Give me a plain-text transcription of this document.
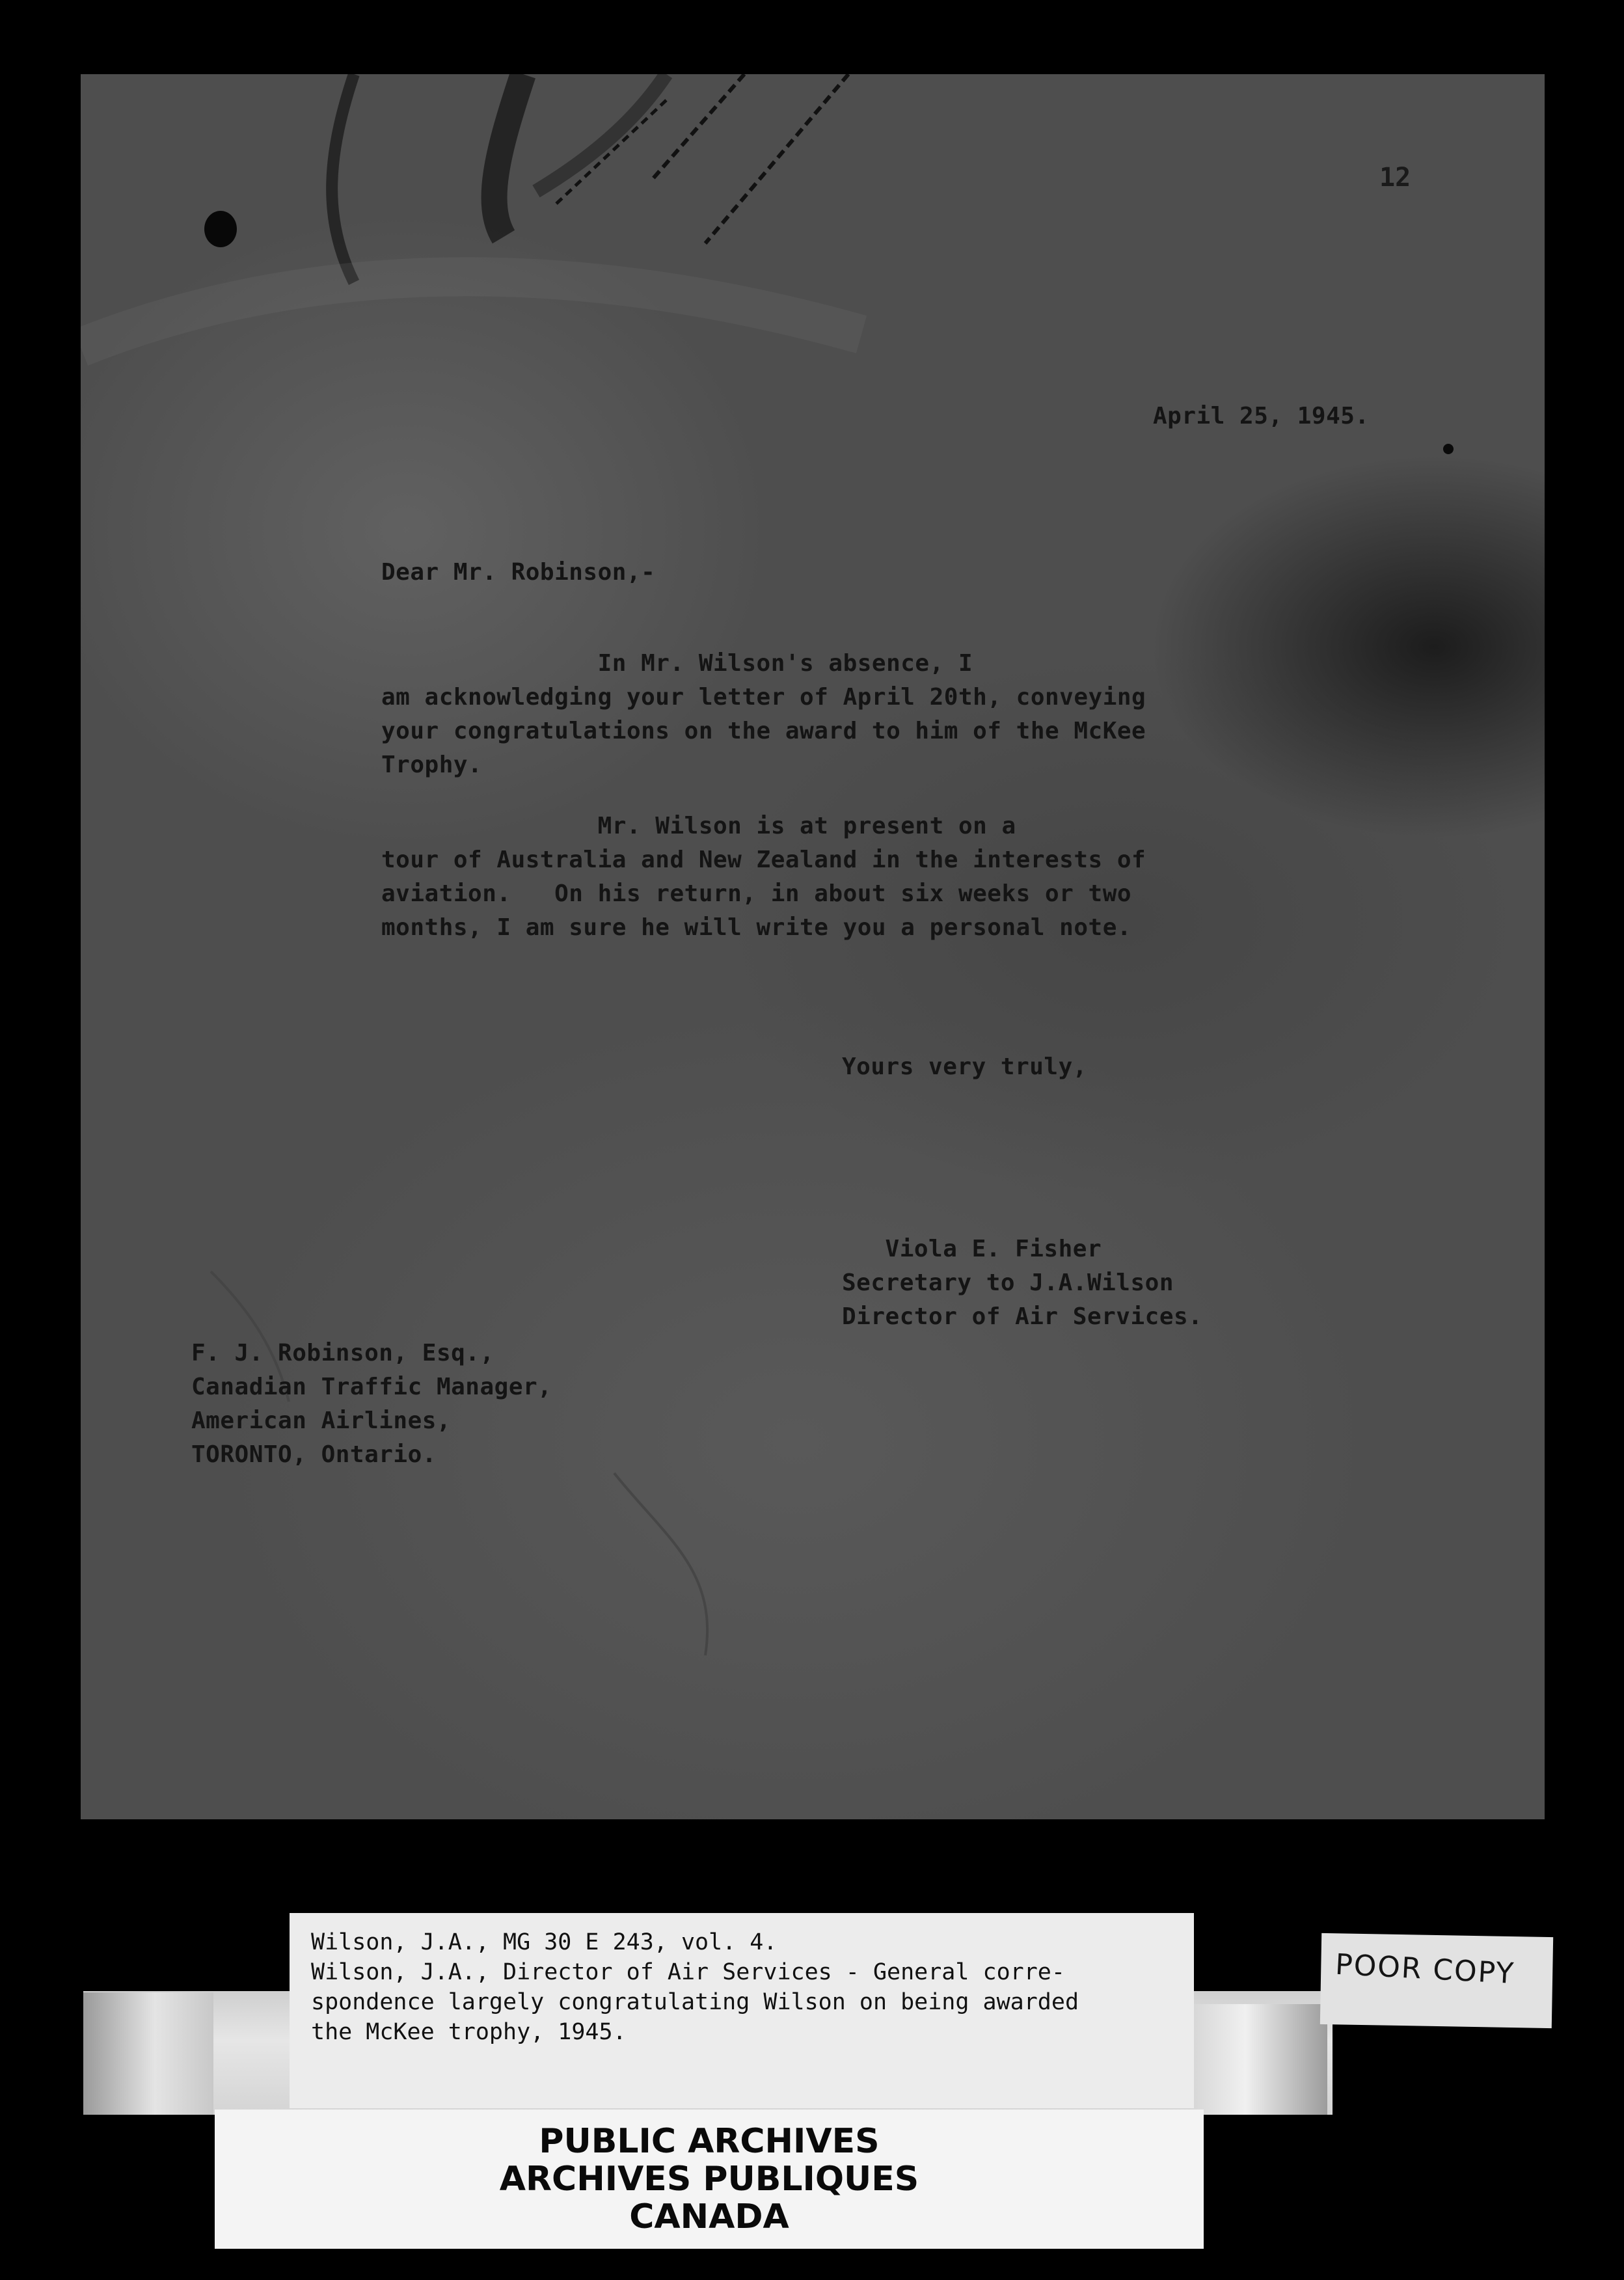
12
April 25, 1945.
Dear Mr. Robinson,-
In Mr. Wilson's absence, I
am acknowledging your letter of April 20th, conveying
your congratulations on the award to him of the McKee
Trophy.
Mr. Wilson is at present on a
tour of Australia and New Zealand in the interests of
aviation.   On his return, in about six weeks or two
months, I am sure he will write you a personal note.
Yours very truly,
Viola E. Fisher
Secretary to J.A.Wilson
Director of Air Services.
F. J. Robinson, Esq.,
Canadian Traffic Manager,
American Airlines,
TORONTO, Ontario.
Wilson, J.A., MG 30 E 243, vol. 4.
Wilson, J.A., Director of Air Services - General corre-
spondence largely congratulating Wilson on being awarded
the McKee trophy, 1945.
PUBLIC ARCHIVES
ARCHIVES PUBLIQUES
CANADA
POOR COPY
